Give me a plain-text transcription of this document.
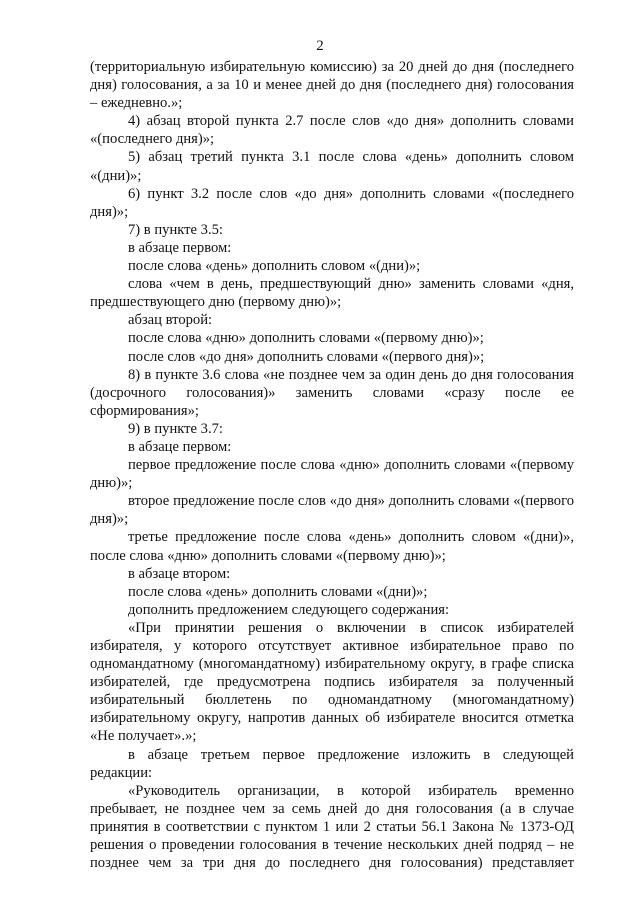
2

(территориальную избирательную комиссию) за 20 дней до дня (последнего дня) голосования, а за 10 и менее дней до дня (последнего дня) голосования – ежедневно.»;

4) абзац второй пункта 2.7 после слов «до дня» дополнить словами «(последнего дня)»;

5) абзац третий пункта 3.1 после слова «день» дополнить словом «(дни)»;

6) пункт 3.2 после слов «до дня» дополнить словами «(последнего дня)»;

7) в пункте 3.5:

в абзаце первом:

после слова «день» дополнить словом «(дни)»;

слова «чем в день, предшествующий дню» заменить словами «дня, предшествующего дню (первому дню)»;

абзац второй:

после слова «дню» дополнить словами «(первому дню)»;

после слов «до дня» дополнить словами «(первого дня)»;

8) в пункте 3.6 слова «не позднее чем за один день до дня голосования (досрочного голосования)» заменить словами «сразу после ее сформирования»;

9) в пункте 3.7:

в абзаце первом:

первое предложение после слова «дню» дополнить словами «(первому дню)»;

второе предложение после слов «до дня» дополнить словами «(первого дня)»;

третье предложение после слова «день» дополнить словом «(дни)», после слова «дню» дополнить словами «(первому дню)»;

в абзаце втором:

после слова «день» дополнить словами «(дни)»;

дополнить предложением следующего содержания:

«При принятии решения о включении в список избирателей избирателя, у которого отсутствует активное избирательное право по одномандатному (многомандатному) избирательному округу, в графе списка избирателей, где предусмотрена подпись избирателя за полученный избирательный бюллетень по одномандатному (многомандатному) избирательному округу, напротив данных об избирателе вносится отметка «Не получает».»;

в абзаце третьем первое предложение изложить в следующей редакции:

«Руководитель организации, в которой избиратель временно пребывает, не позднее чем за семь дней до дня голосования (а в случае принятия в соответствии с пунктом 1 или 2 статьи 56.1 Закона № 1373-ОД решения о проведении голосования в течение нескольких дней подряд – не позднее чем за три дня до последнего дня голосования) представляет
